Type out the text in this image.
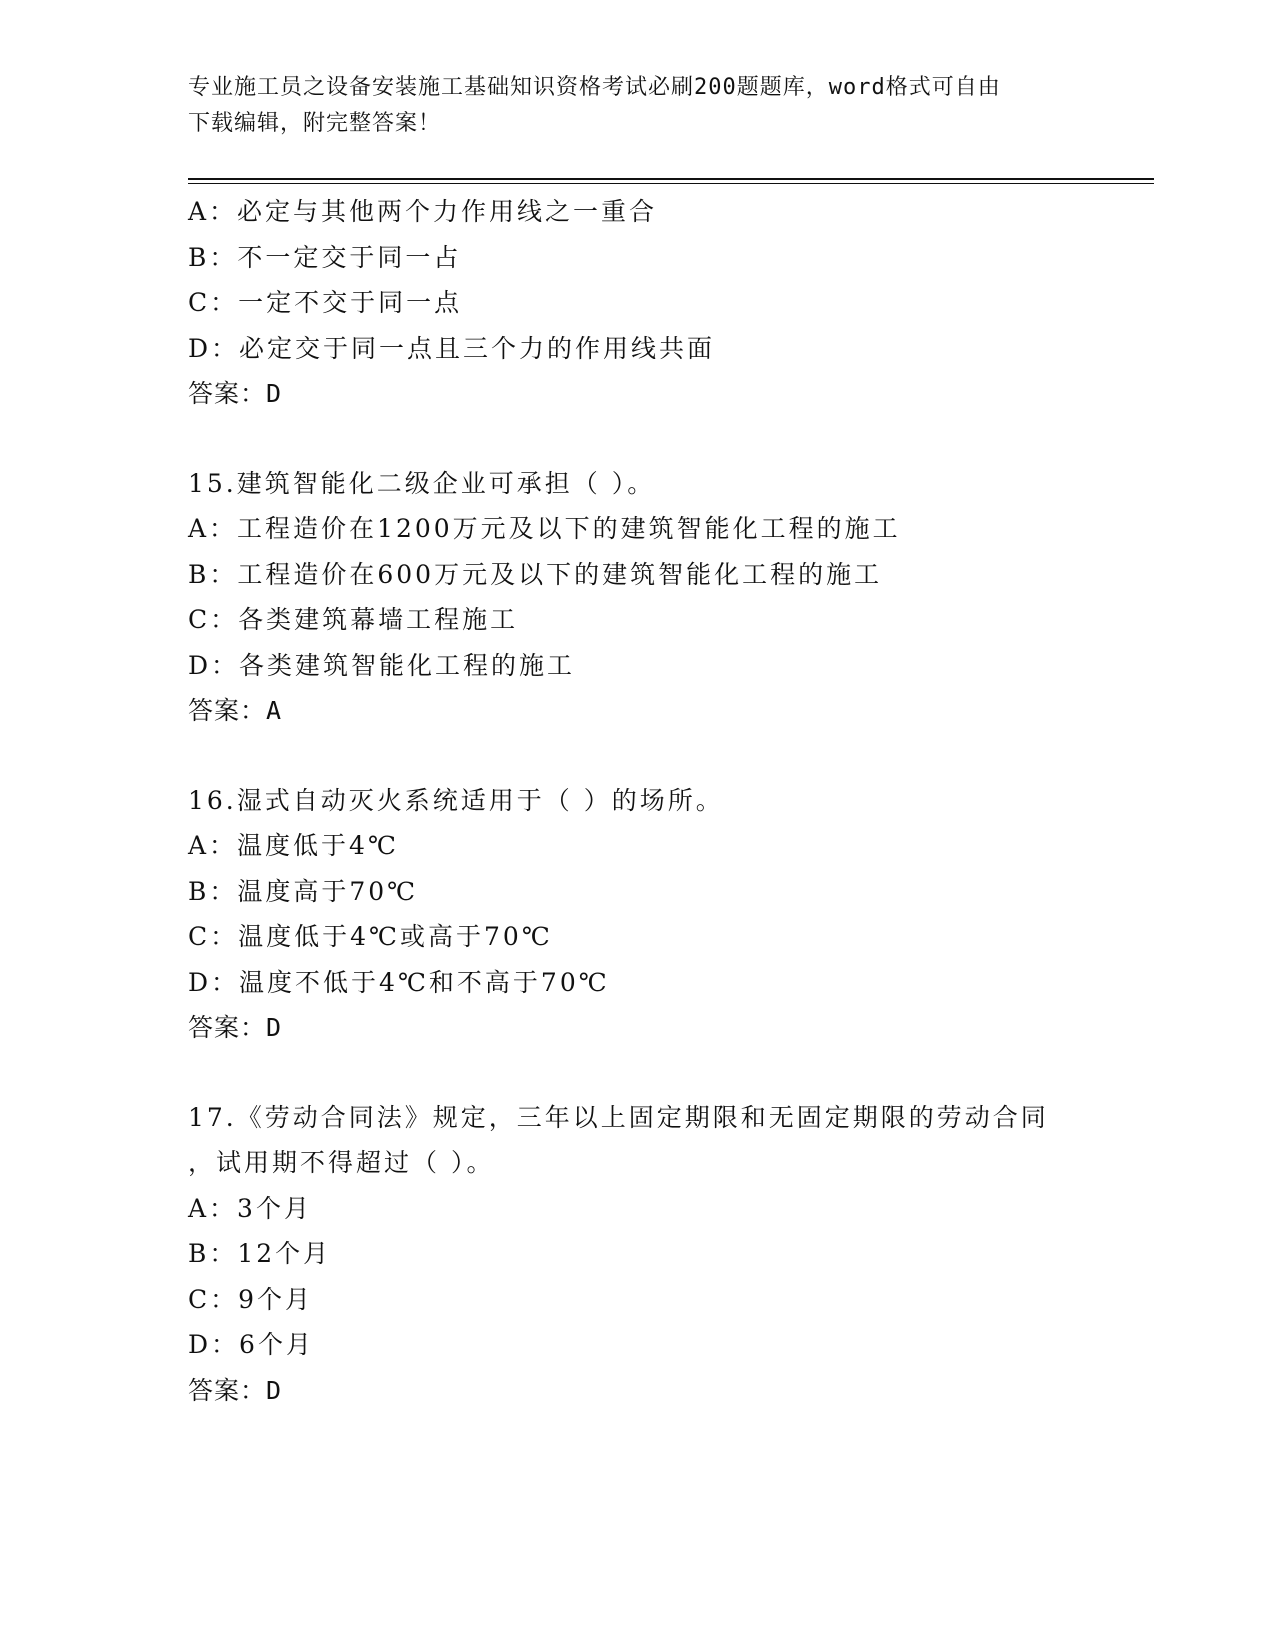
专业施工员之设备安装施工基础知识资格考试必刷200题题库，word格式可自由
下载编辑，附完整答案！
A：必定与其他两个力作用线之一重合
B：不一定交于同一占
C：一定不交于同一点
D：必定交于同一点且三个力的作用线共面
答案：D
15.建筑智能化二级企业可承担（ ）。
A：工程造价在1200万元及以下的建筑智能化工程的施工
B：工程造价在600万元及以下的建筑智能化工程的施工
C：各类建筑幕墙工程施工
D：各类建筑智能化工程的施工
答案：A
16.湿式自动灭火系统适用于（ ）的场所。
A：温度低于4℃
B：温度高于70℃
C：温度低于4℃或高于70℃
D：温度不低于4℃和不高于70℃
答案：D
17.《劳动合同法》规定，三年以上固定期限和无固定期限的劳动合同
，试用期不得超过（ ）。
A：3个月
B：12个月
C：9个月
D：6个月
答案：D
